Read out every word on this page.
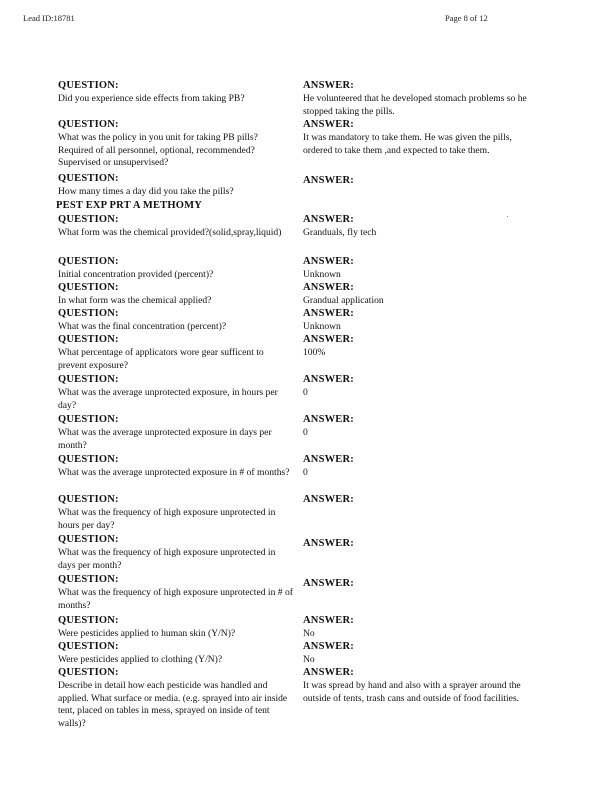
Lead ID:18781	Page 8 of 12
QUESTION:
Did you experience side effects from taking PB?
ANSWER:
He volunteered that he developed stomach problems so he stopped taking the pills.
QUESTION:
What was the policy in you unit for taking PB pills? Required of all personnel, optional, recommended? Supervised or unsupervised?
ANSWER:
It was mandatory to take them. He was given the pills, ordered to take them ,and expected to take them.
QUESTION:
How many times a day did you take the pills?
ANSWER:
PEST EXP PRT A METHOMY
QUESTION:
What form was the chemical provided?(solid,spray,liquid)
ANSWER:
Granduals, fly tech
QUESTION:
Initial concentration provided (percent)?
ANSWER:
Unknown
QUESTION:
In what form was the chemical applied?
ANSWER:
Grandual application
QUESTION:
What was the final concentration (percent)?
ANSWER:
Unknown
QUESTION:
What percentage of applicators wore gear sufficent to prevent exposure?
ANSWER:
100%
QUESTION:
What was the average unprotected exposure, in hours per day?
ANSWER:
0
QUESTION:
What was the average unprotected exposure in days per month?
ANSWER:
0
QUESTION:
What was the average unprotected exposure in # of months?
ANSWER:
0
QUESTION:
What was the frequency of high exposure unprotected in hours per day?
ANSWER:
QUESTION:
What was the frequency of high exposure unprotected in days per month?
ANSWER:
QUESTION:
What was the frequency of high exposure unprotected in # of months?
ANSWER:
QUESTION:
Were pesticides applied to human skin (Y/N)?
ANSWER:
No
QUESTION:
Were pesticides applied to clothing (Y/N)?
ANSWER:
No
QUESTION:
Describe in detail how each pesticide was handled and applied. What surface or media. (e.g. sprayed into air inside tent, placed on tables in mess, sprayed on inside of tent walls)?
ANSWER:
It was spread by hand and also with a sprayer around the outside of tents, trash cans and outside of food facilities.
